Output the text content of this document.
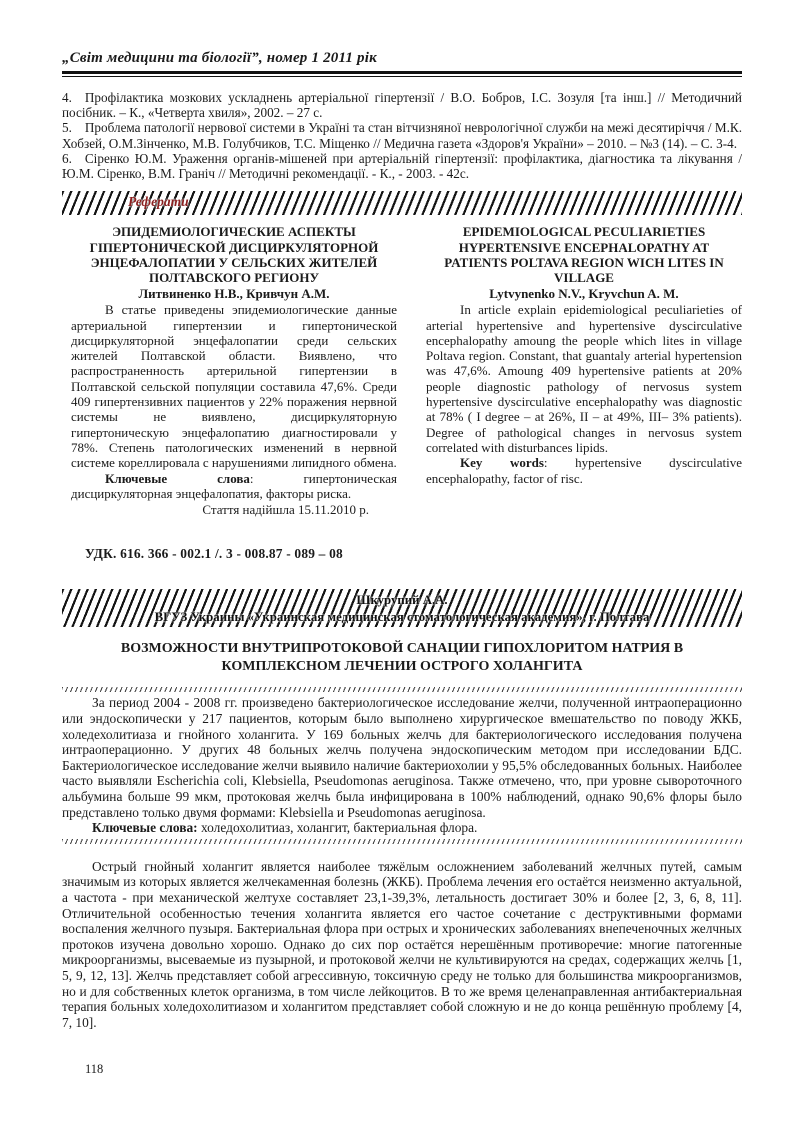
„Світ медицини та біології”, номер 1 2011 рік
4. Профілактика мозкових ускладнень артеріальної гіпертензії / В.О. Бобров, І.С. Зозуля [та інш.] // Методичний посібник. – К., «Четверта хвиля», 2002. – 27 с.
5. Проблема патології нервової системи в Україні та стан вітчизняної неврологічної служби на межі десятиріччя / М.К. Хобзей, О.М.Зінченко, М.В. Голубчиков, Т.С. Міщенко // Медична газета «Здоров'я України» – 2010. – №3 (14). – С. 3-4.
6. Сіренко Ю.М. Ураження органів-мішеней при артеріальній гіпертензії: профілактика, діагностика та лікування / Ю.М. Сіренко, В.М. Граніч // Методичні рекомендації. - К., - 2003. - 42с.
Реферати
ЭПИДЕМИОЛОГИЧЕСКИЕ АСПЕКТЫ ГІПЕРТОНИЧЕСКОЙ ДИСЦИРКУЛЯТОРНОЙ ЭНЦЕФАЛОПАТИИ У СЕЛЬСКИХ ЖИТЕЛЕЙ ПОЛТАВСКОГО РЕГИОНУ
Литвиненко Н.В., Кривчун А.М.
В статье приведены эпидемиологические данные артериальной гипертензии и гипертонической дисциркуляторной энцефалопатии среди сельских жителей Полтавской области. Виявлено, что распространенность артерильной гипертензии в Полтавской сельской популяции составила 47,6%. Среди 409 гипертензивних пациентов у 22% поражения нервной системы не виявлено, дисциркуляторную гипертоническую энцефалопатию диагностировали у 78%. Степень патологических изменений в нервной системе кореллировала с нарушениями липидного обмена.
Ключевые слова: гипертоническая дисциркуляторная энцефалопатия, факторы риска.
Стаття надійшла 15.11.2010 р.
EPIDEMIOLOGICAL PECULIARIETIES HYPERTENSIVE ENCEPHALOPATHY AT PATIENTS POLTAVA REGION WICH LITES IN VILLAGE
Lytvynenko N.V., Kryvchun A. M.
In article explain epidemiological peculiarieties of arterial hypertensive and hypertensive dyscirculative encephalopathy amoung the people which lites in village Poltava region. Constant, that guantaly arterial hypertension was 47,6%. Amoung 409 hypertensive patients at 20% people diagnostic pathology of nervosus system hypertensive dyscirculative encephalopathy was diagnostic at 78% ( I degree – at 26%, II – at 49%, III– 3% patients). Degree of pathological changes in nervosus system correlated with disturbances lipids.
Key words: hypertensive dyscirculative encephalopathy, factor of risc.
УДК. 616. 366 - 002.1 /. 3 - 008.87 - 089 – 08
Шкурупий А.А.
ВГУЗ Украины «Украинская медицинская стоматологическая академия», г. Полтава
ВОЗМОЖНОСТИ ВНУТРИПРОТОКОВОЙ САНАЦИИ ГИПОХЛОРИТОМ НАТРИЯ В КОМПЛЕКСНОМ ЛЕЧЕНИИ ОСТРОГО ХОЛАНГИТА
За период 2004 - 2008 гг. произведено бактериологическое исследование желчи, полученной интраоперационно или эндоскопически у 217 пациентов, которым было выполнено хирургическое вмешательство по поводу ЖКБ, холедехолитиаза и гнойного холангита. У 169 больных желчь для бактериологического исследования получена интраоперационно. У других 48 больных желчь получена эндоскопическим методом при исследовании БДС. Бактериологическое исследование желчи выявило наличие бактериохолии у 95,5% обследованных больных. Наиболее часто выявляли Escherichia coli, Klebsiella, Pseudomonas aeruginosa. Также отмечено, что, при уровне сывороточного альбумина больше 99 мкм, протоковая желчь была инфицирована в 100% наблюдений, однако 90,6% флоры было представлено только двумя формами: Klebsiella и Pseudomonas aeruginosa.
Ключевые слова: холедохолитиаз, холангит, бактериальная флора.
Острый гнойный холангит является наиболее тяжёлым осложнением заболеваний желчных путей, самым значимым из которых является желчекаменная болезнь (ЖКБ). Проблема лечения его остаётся неизменно актуальной, а частота - при механической желтухе составляет 23,1-39,3%, летальность достигает 30% и более [2, 3, 6, 8, 11]. Отличительной особенностью течения холангита является его частое сочетание с деструктивными формами воспаления желчного пузыря. Бактериальная флора при острых и хронических заболеваниях внепеченочных желчных протоков изучена довольно хорошо. Однако до сих пор остаётся нерешённым противоречие: многие патогенные микроорганизмы, высеваемые из пузырной, и протоковой желчи не культивируются на средах, содержащих желчь [1, 5, 9, 12, 13]. Желчь представляет собой агрессивную, токсичную среду не только для большинства микроорганизмов, но и для собственных клеток организма, в том числе лейкоцитов. В то же время целенаправленная антибактериальная терапия больных холедохолитиазом и холангитом представляет собой сложную и не до конца решённую проблему [4, 7, 10].
118
